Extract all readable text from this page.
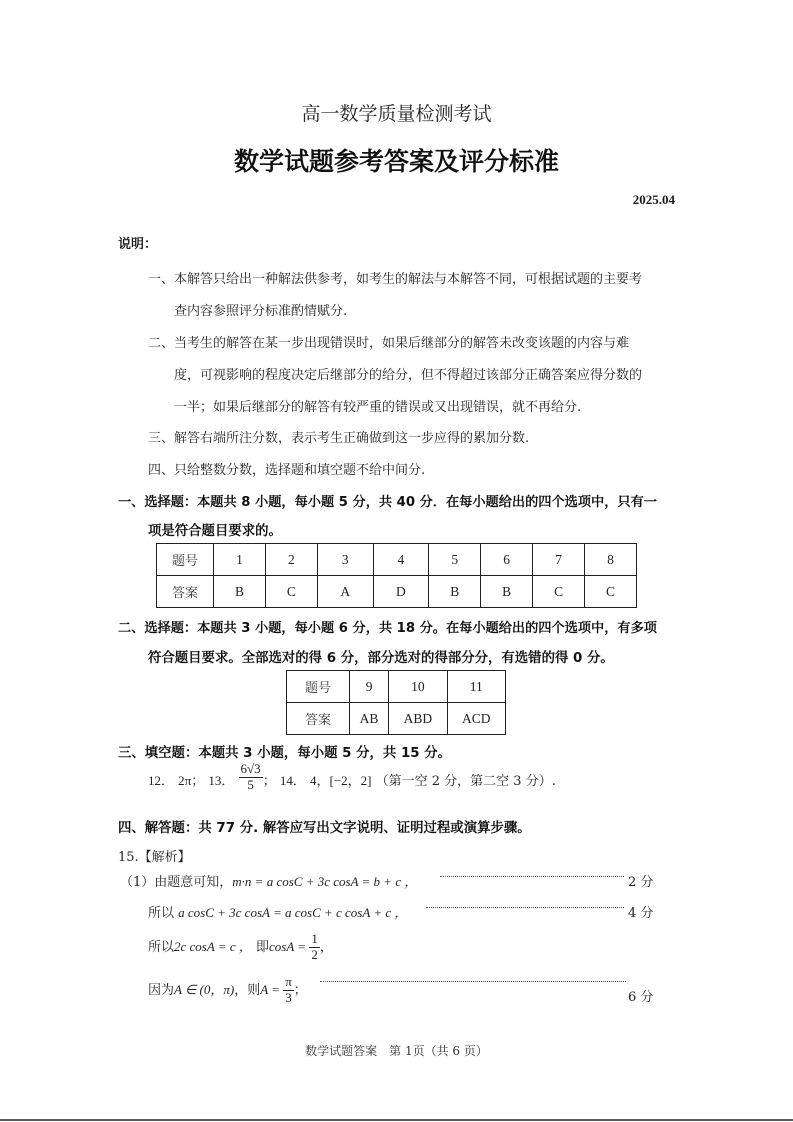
高一数学质量检测考试
数学试题参考答案及评分标准
2025.04
说明：
一、本解答只给出一种解法供参考，如考生的解法与本解答不同，可根据试题的主要考
查内容参照评分标准酌情赋分.
二、当考生的解答在某一步出现错误时，如果后继部分的解答未改变该题的内容与难
度，可视影响的程度决定后继部分的给分，但不得超过该部分正确答案应得分数的
一半；如果后继部分的解答有较严重的错误或又出现错误，就不再给分.
三、解答右端所注分数，表示考生正确做到这一步应得的累加分数.
四、只给整数分数，选择题和填空题不给中间分.
一、选择题：本题共 8 小题，每小题 5 分，共 40 分．在每小题给出的四个选项中，只有一
项是符合题目要求的。
题号	1	2	3	4	5	6	7	8
答案	B	C	A	D	B	B	C	C
二、选择题：本题共 3 小题，每小题 6 分，共 18 分。在每小题给出的四个选项中，有多项
符合题目要求。全部选对的得 6 分，部分选对的得部分分，有选错的得 0 分。
题号	9	10	11
答案	AB	ABD	ACD
三、填空题：本题共 3 小题，每小题 5 分，共 15 分。
12． 2π； 13． $\frac{6√3}{5}$ ； 14． 4，[−2，2] （第一空 2 分，第二空 3 分）.
四、解答题：共 77 分. 解答应写出文字说明、证明过程或演算步骤。
15.【解析】
（1）由题意可知，m·n = a cosC + 3c cosA = b + c ，	2 分
所以 a cosC + 3c cosA = a cosC + c cosA + c ，	4 分
所以2c cosA = c ， 即$\cos A = \frac{1}{2}$ ，
因为A ∈ (0，π)，则$A = \frac{\pi}{3}$ ；	6 分
数学试题答案　第 1页（共 6 页）
